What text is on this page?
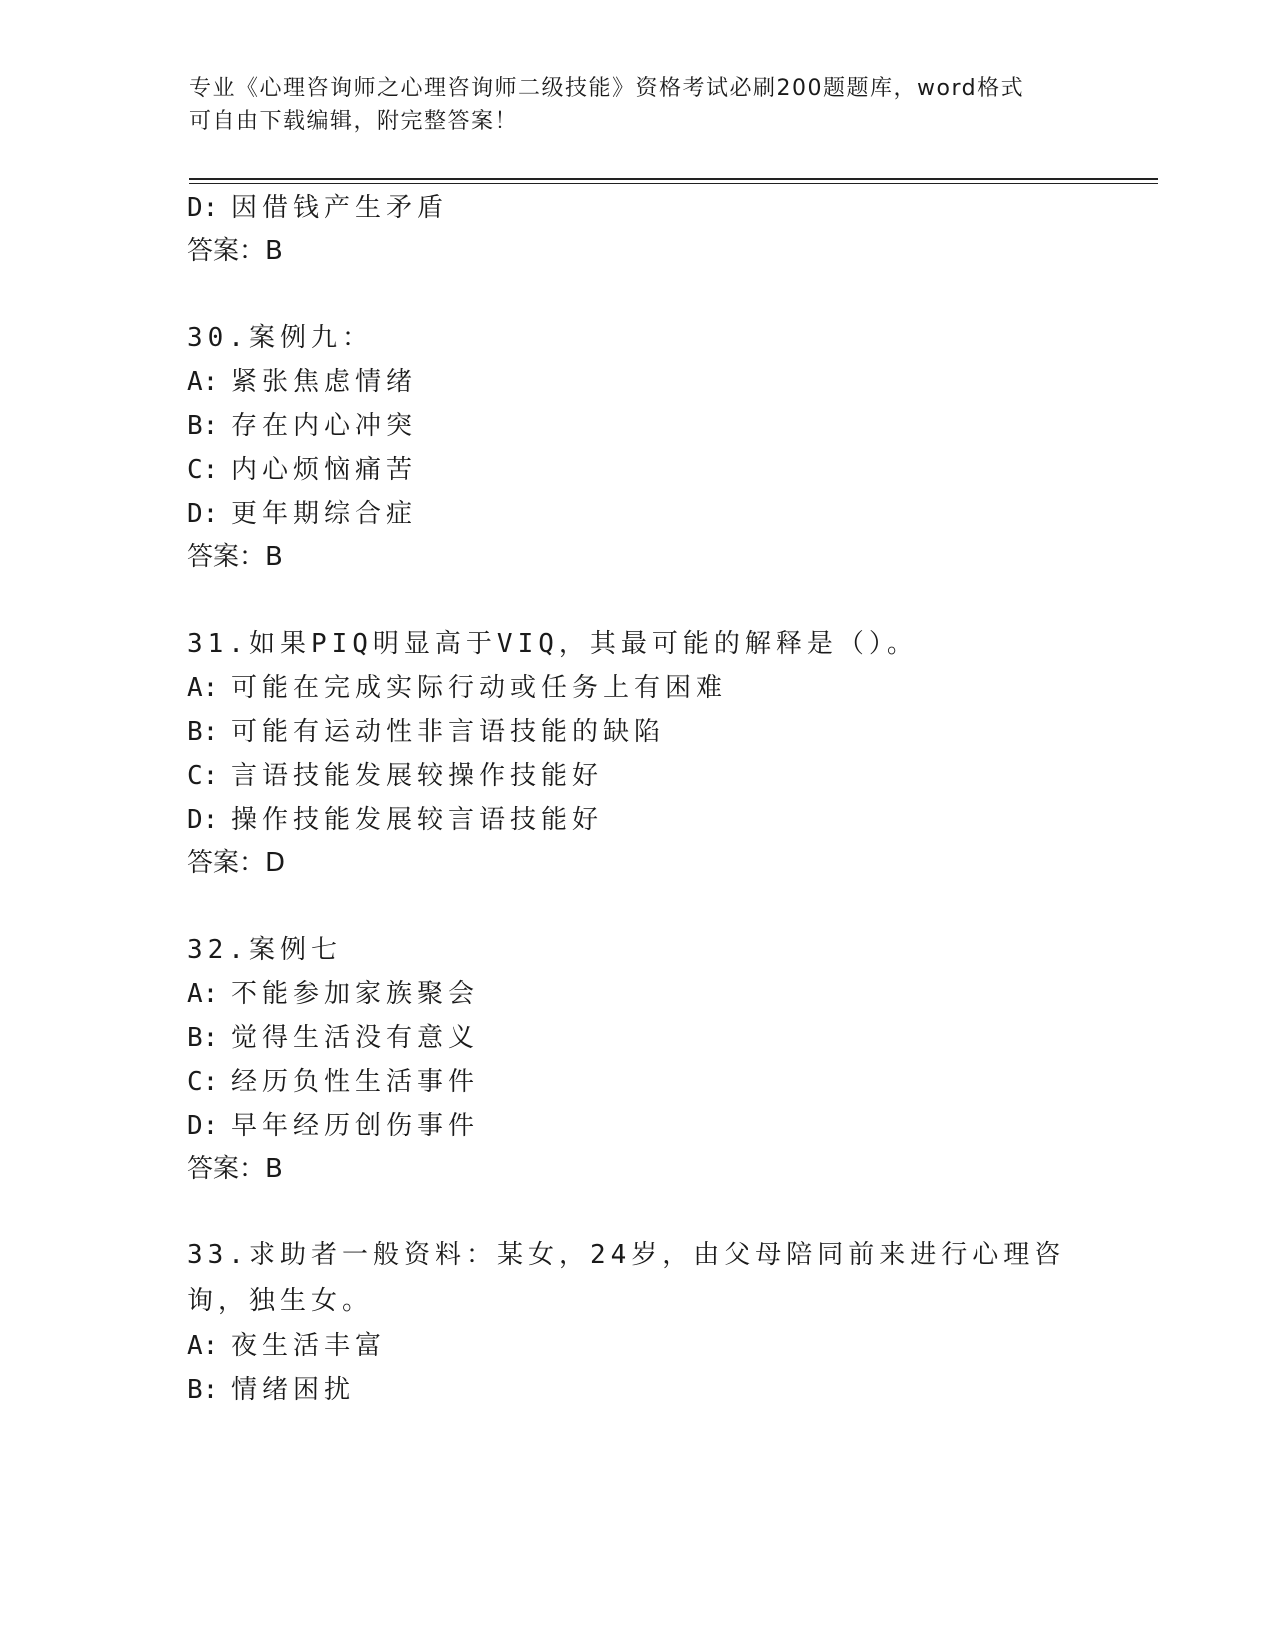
专业《心理咨询师之心理咨询师二级技能》资格考试必刷200题题库，word格式
可自由下载编辑，附完整答案！
D: 因借钱产生矛盾
答案：B
30.案例九：
A: 紧张焦虑情绪
B: 存在内心冲突
C: 内心烦恼痛苦
D: 更年期综合症
答案：B
31.如果PIQ明显高于VIQ，其最可能的解释是（）。
A: 可能在完成实际行动或任务上有困难
B: 可能有运动性非言语技能的缺陷
C: 言语技能发展较操作技能好
D: 操作技能发展较言语技能好
答案：D
32.案例七
A: 不能参加家族聚会
B: 觉得生活没有意义
C: 经历负性生活事件
D: 早年经历创伤事件
答案：B
33.求助者一般资料：某女，24岁，由父母陪同前来进行心理咨询，独生女。
A: 夜生活丰富
B: 情绪困扰
